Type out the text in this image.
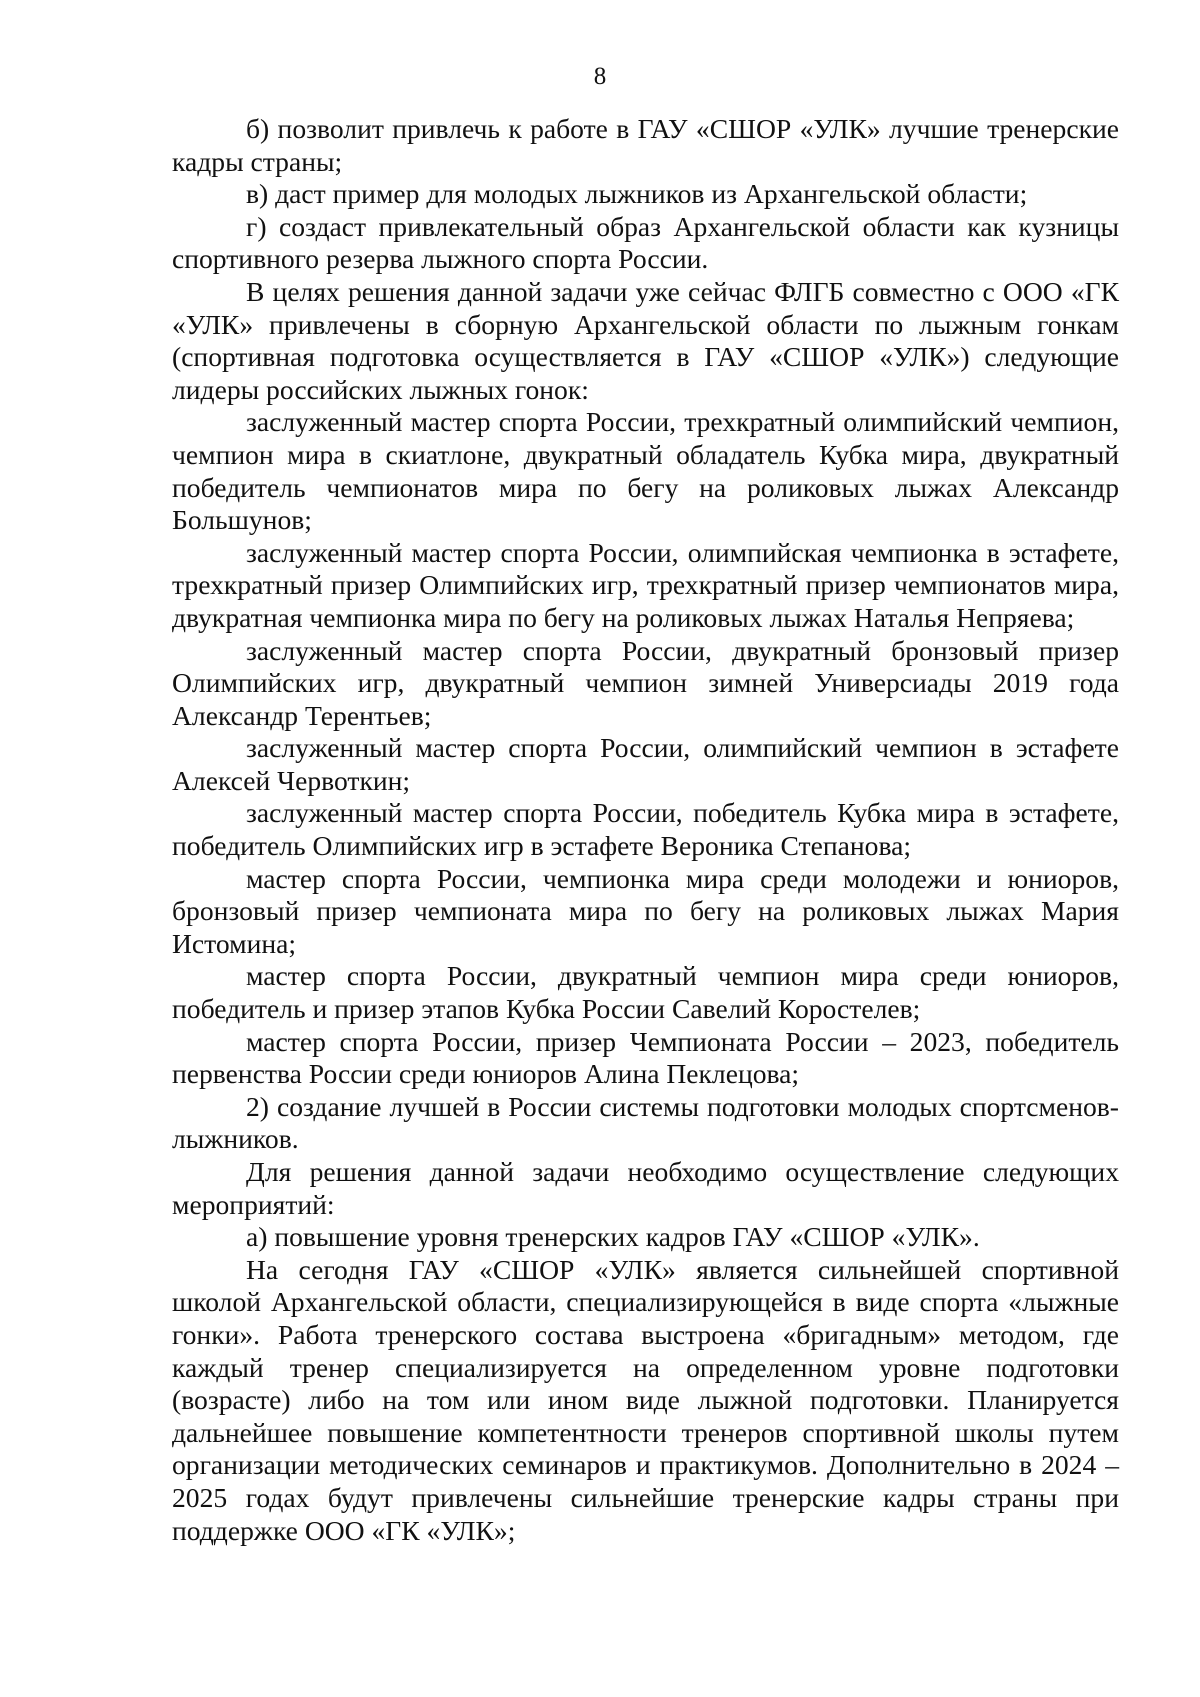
8

б) позволит привлечь к работе в ГАУ «СШОР «УЛК» лучшие тренерские кадры страны;

в) даст пример для молодых лыжников из Архангельской области;

г) создаст привлекательный образ Архангельской области как кузницы спортивного резерва лыжного спорта России.

В целях решения данной задачи уже сейчас ФЛГБ совместно с ООО «ГК «УЛК» привлечены в сборную Архангельской области по лыжным гонкам (спортивная подготовка осуществляется в ГАУ «СШОР «УЛК») следующие лидеры российских лыжных гонок:

заслуженный мастер спорта России, трехкратный олимпийский чемпион, чемпион мира в скиатлоне, двукратный обладатель Кубка мира, двукратный победитель чемпионатов мира по бегу на роликовых лыжах Александр Большунов;

заслуженный мастер спорта России, олимпийская чемпионка в эстафете, трехкратный призер Олимпийских игр, трехкратный призер чемпионатов мира, двукратная чемпионка мира по бегу на роликовых лыжах Наталья Непряева;

заслуженный мастер спорта России, двукратный бронзовый призер Олимпийских игр, двукратный чемпион зимней Универсиады 2019 года Александр Терентьев;

заслуженный мастер спорта России, олимпийский чемпион в эстафете Алексей Червоткин;

заслуженный мастер спорта России, победитель Кубка мира в эстафете, победитель Олимпийских игр в эстафете Вероника Степанова;

мастер спорта России, чемпионка мира среди молодежи и юниоров, бронзовый призер чемпионата мира по бегу на роликовых лыжах Мария Истомина;

мастер спорта России, двукратный чемпион мира среди юниоров, победитель и призер этапов Кубка России Савелий Коростелев;

мастер спорта России, призер Чемпионата России – 2023, победитель первенства России среди юниоров Алина Пеклецова;

2) создание лучшей в России системы подготовки молодых спортсменов-лыжников.

Для решения данной задачи необходимо осуществление следующих мероприятий:

а) повышение уровня тренерских кадров ГАУ «СШОР «УЛК».

На сегодня ГАУ «СШОР «УЛК» является сильнейшей спортивной школой Архангельской области, специализирующейся в виде спорта «лыжные гонки». Работа тренерского состава выстроена «бригадным» методом, где каждый тренер специализируется на определенном уровне подготовки (возрасте) либо на том или ином виде лыжной подготовки. Планируется дальнейшее повышение компетентности тренеров спортивной школы путем организации методических семинаров и практикумов. Дополнительно в 2024 – 2025 годах будут привлечены сильнейшие тренерские кадры страны при поддержке ООО «ГК «УЛК»;
